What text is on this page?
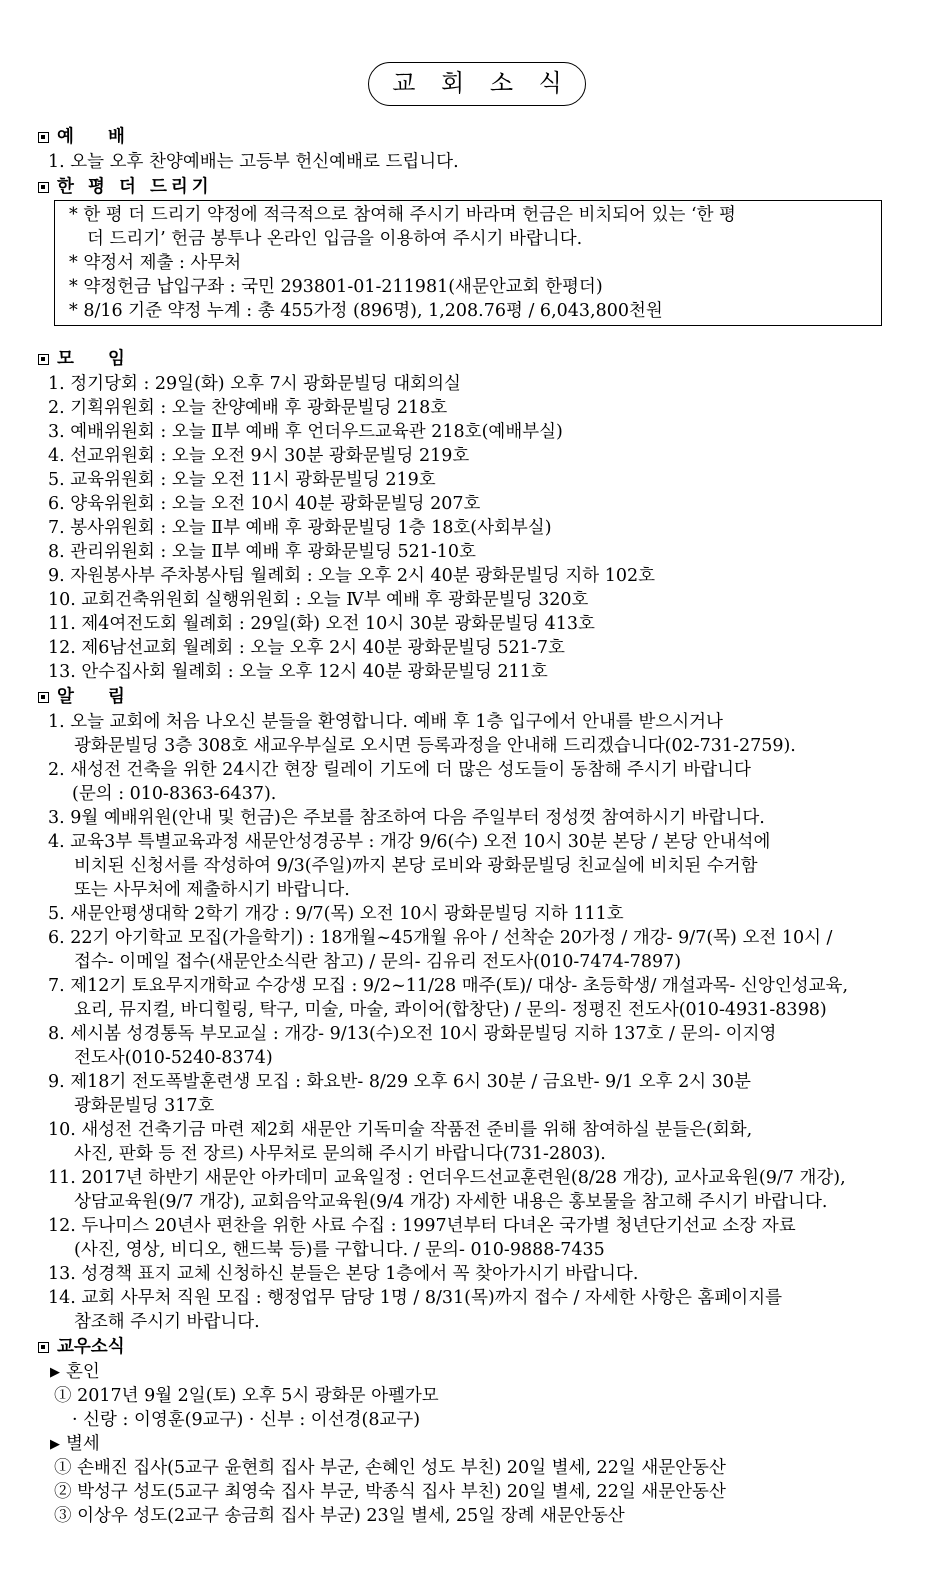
교 회 소 식
예 배
1. 오늘 오후 찬양예배는 고등부 헌신예배로 드립니다.
한 평 더 드리기
* 한 평 더 드리기 약정에 적극적으로 참여해 주시기 바라며 헌금은 비치되어 있는 ‘한 평
더 드리기’ 헌금 봉투나 온라인 입금을 이용하여 주시기 바랍니다.
* 약정서 제출 : 사무처
* 약정헌금 납입구좌 : 국민 293801-01-211981(새문안교회 한평더)
* 8/16 기준 약정 누계 : 총 455가정 (896명), 1,208.76평 / 6,043,800천원
모 임
1. 정기당회 : 29일(화) 오후 7시 광화문빌딩 대회의실
2. 기획위원회 : 오늘 찬양예배 후 광화문빌딩 218호
3. 예배위원회 : 오늘 Ⅱ부 예배 후 언더우드교육관 218호(예배부실)
4. 선교위원회 : 오늘 오전 9시 30분 광화문빌딩 219호
5. 교육위원회 : 오늘 오전 11시 광화문빌딩 219호
6. 양육위원회 : 오늘 오전 10시 40분 광화문빌딩 207호
7. 봉사위원회 : 오늘 Ⅱ부 예배 후 광화문빌딩 1층 18호(사회부실)
8. 관리위원회 : 오늘 Ⅱ부 예배 후 광화문빌딩 521-10호
9. 자원봉사부 주차봉사팀 월례회 : 오늘 오후 2시 40분 광화문빌딩 지하 102호
10. 교회건축위원회 실행위원회 : 오늘 Ⅳ부 예배 후 광화문빌딩 320호
11. 제4여전도회 월례회 : 29일(화) 오전 10시 30분 광화문빌딩 413호
12. 제6남선교회 월례회 : 오늘 오후 2시 40분 광화문빌딩 521-7호
13. 안수집사회 월례회 : 오늘 오후 12시 40분 광화문빌딩 211호
알 림
1. 오늘 교회에 처음 나오신 분들을 환영합니다. 예배 후 1층 입구에서 안내를 받으시거나
광화문빌딩 3층 308호 새교우부실로 오시면 등록과정을 안내해 드리겠습니다(02-731-2759).
2. 새성전 건축을 위한 24시간 현장 릴레이 기도에 더 많은 성도들이 동참해 주시기 바랍니다
(문의 : 010-8363-6437).
3. 9월 예배위원(안내 및 헌금)은 주보를 참조하여 다음 주일부터 정성껏 참여하시기 바랍니다.
4. 교육3부 특별교육과정 새문안성경공부 : 개강 9/6(수) 오전 10시 30분 본당 / 본당 안내석에
비치된 신청서를 작성하여 9/3(주일)까지 본당 로비와 광화문빌딩 친교실에 비치된 수거함
또는 사무처에 제출하시기 바랍니다.
5. 새문안평생대학 2학기 개강 : 9/7(목) 오전 10시 광화문빌딩 지하 111호
6. 22기 아기학교 모집(가을학기) : 18개월~45개월 유아 / 선착순 20가정 / 개강- 9/7(목) 오전 10시 /
접수- 이메일 접수(새문안소식란 참고) / 문의- 김유리 전도사(010-7474-7897)
7. 제12기 토요무지개학교 수강생 모집 : 9/2~11/28 매주(토)/ 대상- 초등학생/ 개설과목- 신앙인성교육,
요리, 뮤지컬, 바디힐링, 탁구, 미술, 마술, 콰이어(합창단) / 문의- 정평진 전도사(010-4931-8398)
8. 세시봄 성경통독 부모교실 : 개강- 9/13(수)오전 10시 광화문빌딩 지하 137호 / 문의- 이지영
전도사(010-5240-8374)
9. 제18기 전도폭발훈련생 모집 : 화요반- 8/29 오후 6시 30분 / 금요반- 9/1 오후 2시 30분
광화문빌딩 317호
10. 새성전 건축기금 마련 제2회 새문안 기독미술 작품전 준비를 위해 참여하실 분들은(회화,
사진, 판화 등 전 장르) 사무처로 문의해 주시기 바랍니다(731-2803).
11. 2017년 하반기 새문안 아카데미 교육일정 : 언더우드선교훈련원(8/28 개강), 교사교육원(9/7 개강),
상담교육원(9/7 개강), 교회음악교육원(9/4 개강) 자세한 내용은 홍보물을 참고해 주시기 바랍니다.
12. 두나미스 20년사 편찬을 위한 사료 수집 : 1997년부터 다녀온 국가별 청년단기선교 소장 자료
(사진, 영상, 비디오, 핸드북 등)를 구합니다. / 문의- 010-9888-7435
13. 성경책 표지 교체 신청하신 분들은 본당 1층에서 꼭 찾아가시기 바랍니다.
14. 교회 사무처 직원 모집 : 행정업무 담당 1명 / 8/31(목)까지 접수 / 자세한 사항은 홈페이지를
참조해 주시기 바랍니다.
교우소식
▶ 혼인
① 2017년 9월 2일(토) 오후 5시 광화문 아펠가모
· 신랑 : 이영훈(9교구) · 신부 : 이선경(8교구)
▶ 별세
① 손배진 집사(5교구 윤현희 집사 부군, 손혜인 성도 부친) 20일 별세, 22일 새문안동산
② 박성구 성도(5교구 최영숙 집사 부군, 박종식 집사 부친) 20일 별세, 22일 새문안동산
③ 이상우 성도(2교구 송금희 집사 부군) 23일 별세, 25일 장례 새문안동산
